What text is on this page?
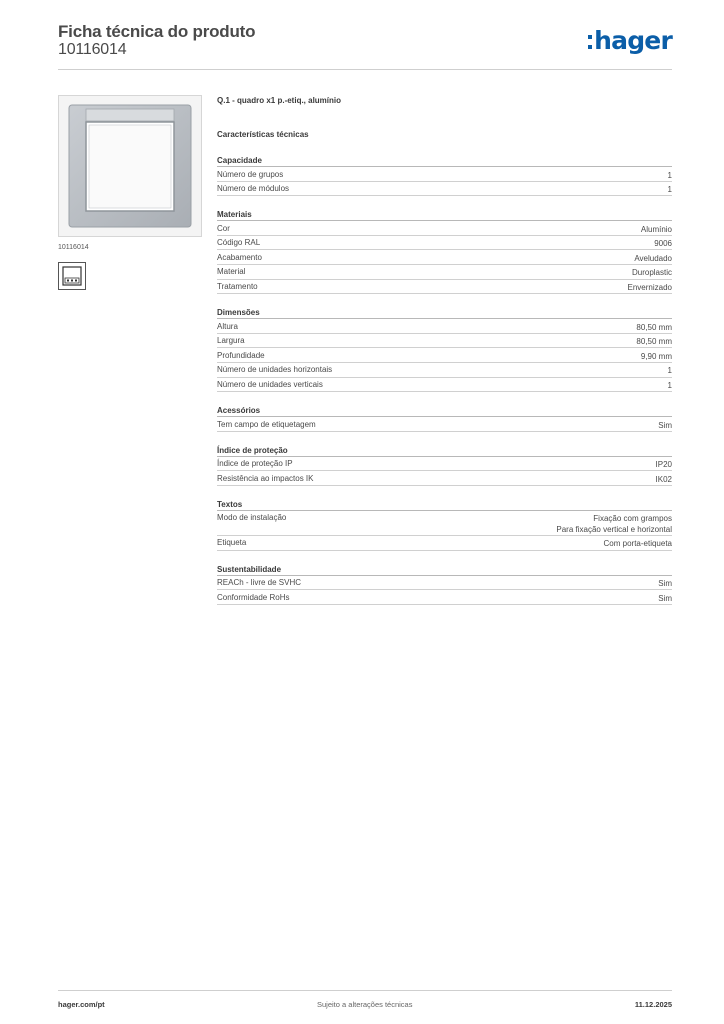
Ficha técnica do produto
10116014	hager
10116014
Q.1 - quadro x1 p.-etiq., alumínio
Características técnicas
Capacidade
Número de grupos	1
Número de módulos	1
Materiais
Cor	Alumínio
Código RAL	9006
Acabamento	Aveludado
Material	Duroplastic
Tratamento	Envernizado
Dimensões
Altura	80,50 mm
Largura	80,50 mm
Profundidade	9,90 mm
Número de unidades horizontais	1
Número de unidades verticais	1
Acessórios
Tem campo de etiquetagem	Sim
Índice de proteção
Índice de proteção IP	IP20
Resistência ao impactos IK	IK02
Textos
Modo de instalação	Fixação com grampos
Para fixação vertical e horizontal
Etiqueta	Com porta-etiqueta
Sustentabilidade
REACh - livre de SVHC	Sim
Conformidade RoHs	Sim
hager.com/pt	Sujeito a alterações técnicas	11.12.2025
